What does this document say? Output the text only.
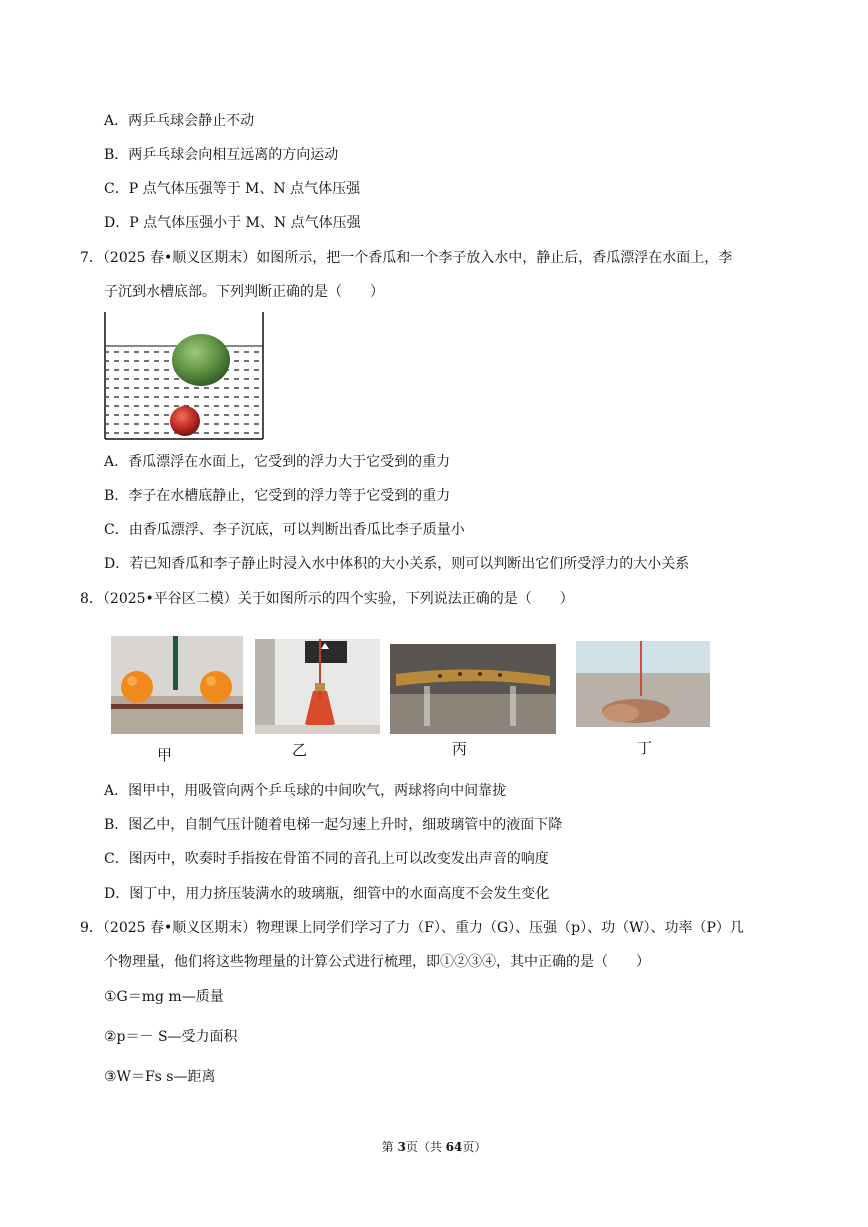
A．两乒乓球会静止不动
B．两乒乓球会向相互远离的方向运动
C．P 点气体压强等于 M、N 点气体压强
D．P 点气体压强小于 M、N 点气体压强
7．（2025 春•顺义区期末）如图所示，把一个香瓜和一个李子放入水中，静止后，香瓜漂浮在水面上，李
子沉到水槽底部。下列判断正确的是（　　）
A．香瓜漂浮在水面上，它受到的浮力大于它受到的重力
B．李子在水槽底静止，它受到的浮力等于它受到的重力
C．由香瓜漂浮、李子沉底，可以判断出香瓜比李子质量小
D．若已知香瓜和李子静止时浸入水中体积的大小关系，则可以判断出它们所受浮力的大小关系
8．（2025•平谷区二模）关于如图所示的四个实验，下列说法正确的是（　　）
甲	乙	丙	丁
A．图甲中，用吸管向两个乒乓球的中间吹气，两球将向中间靠拢
B．图乙中，自制气压计随着电梯一起匀速上升时，细玻璃管中的液面下降
C．图丙中，吹奏时手指按在骨笛不同的音孔上可以改变发出声音的响度
D．图丁中，用力挤压装满水的玻璃瓶，细管中的水面高度不会发生变化
9．（2025 春•顺义区期末）物理课上同学们学习了力（F）、重力（G）、压强（p）、功（W）、功率（P）几
个物理量，他们将这些物理量的计算公式进行梳理，即①②③④，其中正确的是（　　）
①G＝mg m—质量
②p＝－ S—受力面积
③W＝Fs s—距离
第 3页（共 64页）
